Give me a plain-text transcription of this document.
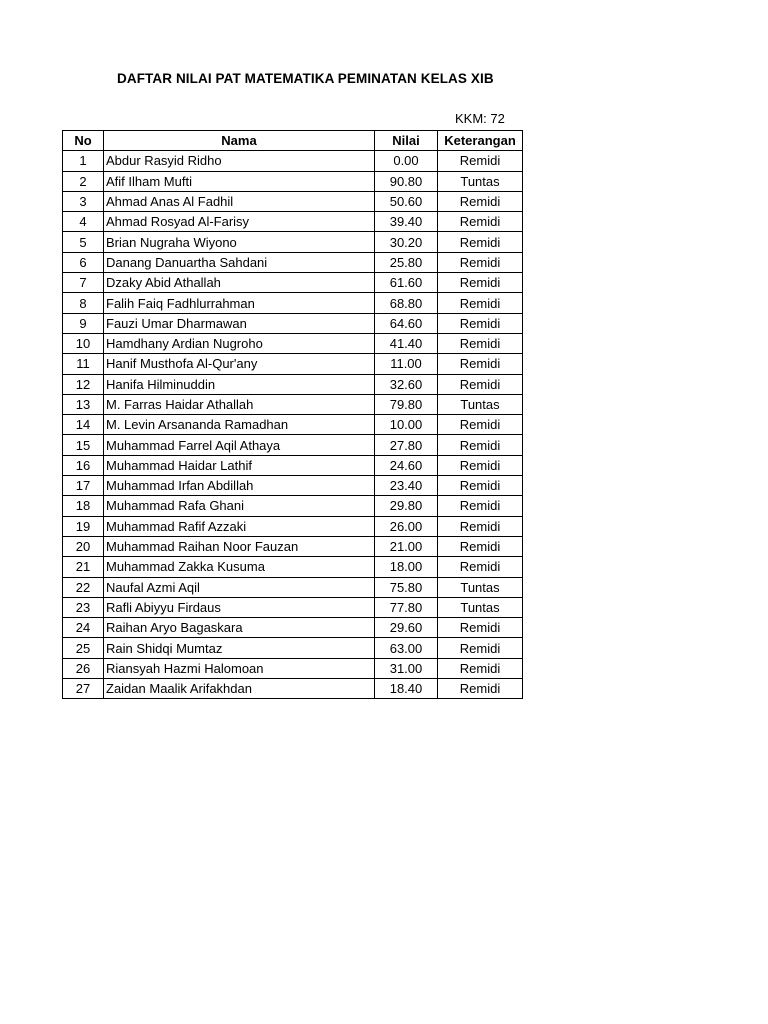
DAFTAR NILAI PAT MATEMATIKA PEMINATAN KELAS XIB
KKM: 72
No	Nama	Nilai	Keterangan
1	Abdur Rasyid Ridho	0.00	Remidi
2	Afif Ilham Mufti	90.80	Tuntas
3	Ahmad Anas Al Fadhil	50.60	Remidi
4	Ahmad Rosyad Al-Farisy	39.40	Remidi
5	Brian Nugraha Wiyono	30.20	Remidi
6	Danang Danuartha Sahdani	25.80	Remidi
7	Dzaky Abid Athallah	61.60	Remidi
8	Falih Faiq Fadhlurrahman	68.80	Remidi
9	Fauzi Umar Dharmawan	64.60	Remidi
10	Hamdhany Ardian Nugroho	41.40	Remidi
11	Hanif Musthofa Al-Qur'any	11.00	Remidi
12	Hanifa Hilminuddin	32.60	Remidi
13	M. Farras Haidar Athallah	79.80	Tuntas
14	M. Levin Arsananda Ramadhan	10.00	Remidi
15	Muhammad Farrel Aqil Athaya	27.80	Remidi
16	Muhammad Haidar Lathif	24.60	Remidi
17	Muhammad Irfan Abdillah	23.40	Remidi
18	Muhammad Rafa Ghani	29.80	Remidi
19	Muhammad Rafif Azzaki	26.00	Remidi
20	Muhammad Raihan Noor Fauzan	21.00	Remidi
21	Muhammad Zakka Kusuma	18.00	Remidi
22	Naufal Azmi Aqil	75.80	Tuntas
23	Rafli Abiyyu Firdaus	77.80	Tuntas
24	Raihan Aryo Bagaskara	29.60	Remidi
25	Rain Shidqi Mumtaz	63.00	Remidi
26	Riansyah Hazmi Halomoan	31.00	Remidi
27	Zaidan Maalik Arifakhdan	18.40	Remidi
